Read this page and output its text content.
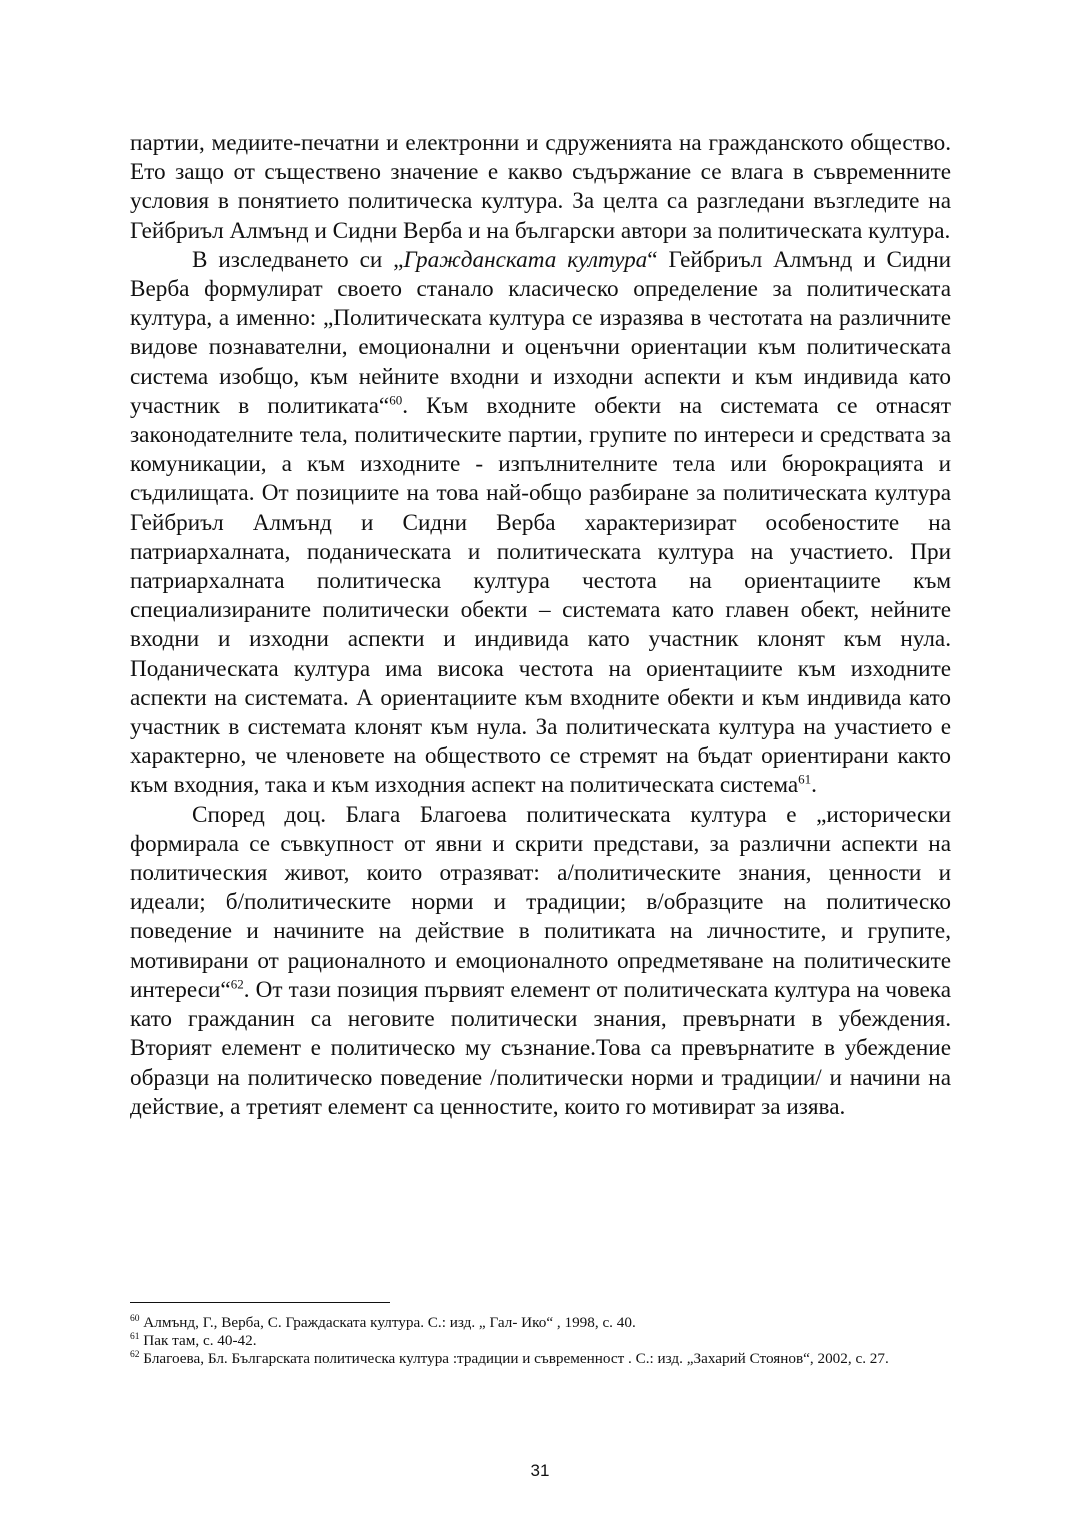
партии, медиите-печатни и електронни и сдруженията на гражданското общество. Ето защо от съществено значение е какво съдържание се влага в съвременните условия в понятието политическа култура. За целта са разгледани възгледите на Гейбриъл Алмънд и Сидни Верба и на български автори за политическата култура.

В изследването си „Гражданската култура“ Гейбриъл Алмънд и Сидни Верба формулират своето станало класическо определение за политическата култура, а именно: „Политическата култура се изразява в честотата на различните видове познавателни, емоционални и оценъчни ориентации към политическата система изобщо, към нейните входни и изходни аспекти и към индивида като участник в политиката“$^{60}$. Към входните обекти на системата се отнасят законодателните тела, политическите партии, групите по интереси и средствата за комуникации, а към изходните - изпълнителните тела или бюрокрацията и съдилищата. От позициите на това най-общо разбиране за политическата култура Гейбриъл Алмънд и Сидни Верба характеризират особеностите на патриархалната, поданическата и политическата култура на участието. При патриархалната политическа култура честота на ориентациите към специализираните политически обекти – системата като главен обект, нейните входни и изходни аспекти и индивида като участник клонят към нула. Поданическата култура има висока честота на ориентациите към изходните аспекти на системата. А ориентациите към входните обекти и към индивида като участник в системата клонят към нула. За политическата култура на участието е характерно, че членовете на обществото се стремят на бъдат ориентирани както към входния, така и към изходния аспект на политическата система$^{61}$.

Според доц. Блага Благоева политическата култура е „исторически формирала се съвкупност от явни и скрити представи, за различни аспекти на политическия живот, които отразяват: а/политическите знания, ценности и идеали; б/политическите норми и традиции; в/образците на политическо поведение и начините на действие в политиката на личностите, и групите, мотивирани от рационалното и емоционалното опредметяване на политическите интереси“$^{62}$. От тази позиция първият елемент от политическата култура на човека като гражданин са неговите политически знания, превърнати в убеждения. Вторият елемент е политическо му съзнание.Това са превърнатите в убеждение образци на политическо поведение /политически норми и традиции/ и начини на действие, а третият елемент са ценностите, които го мотивират за изява.

$^{60}$ Алмънд, Г., Верба, С. Граждаската култура. С.: изд. „ Гал- Ико“ , 1998, с. 40.

$^{61}$ Пак там, с. 40-42.

$^{62}$ Благоева, Бл. Българската политическа култура :традиции и съвременност . С.: изд. „Захарий Стоянов“, 2002, с. 27.

31
